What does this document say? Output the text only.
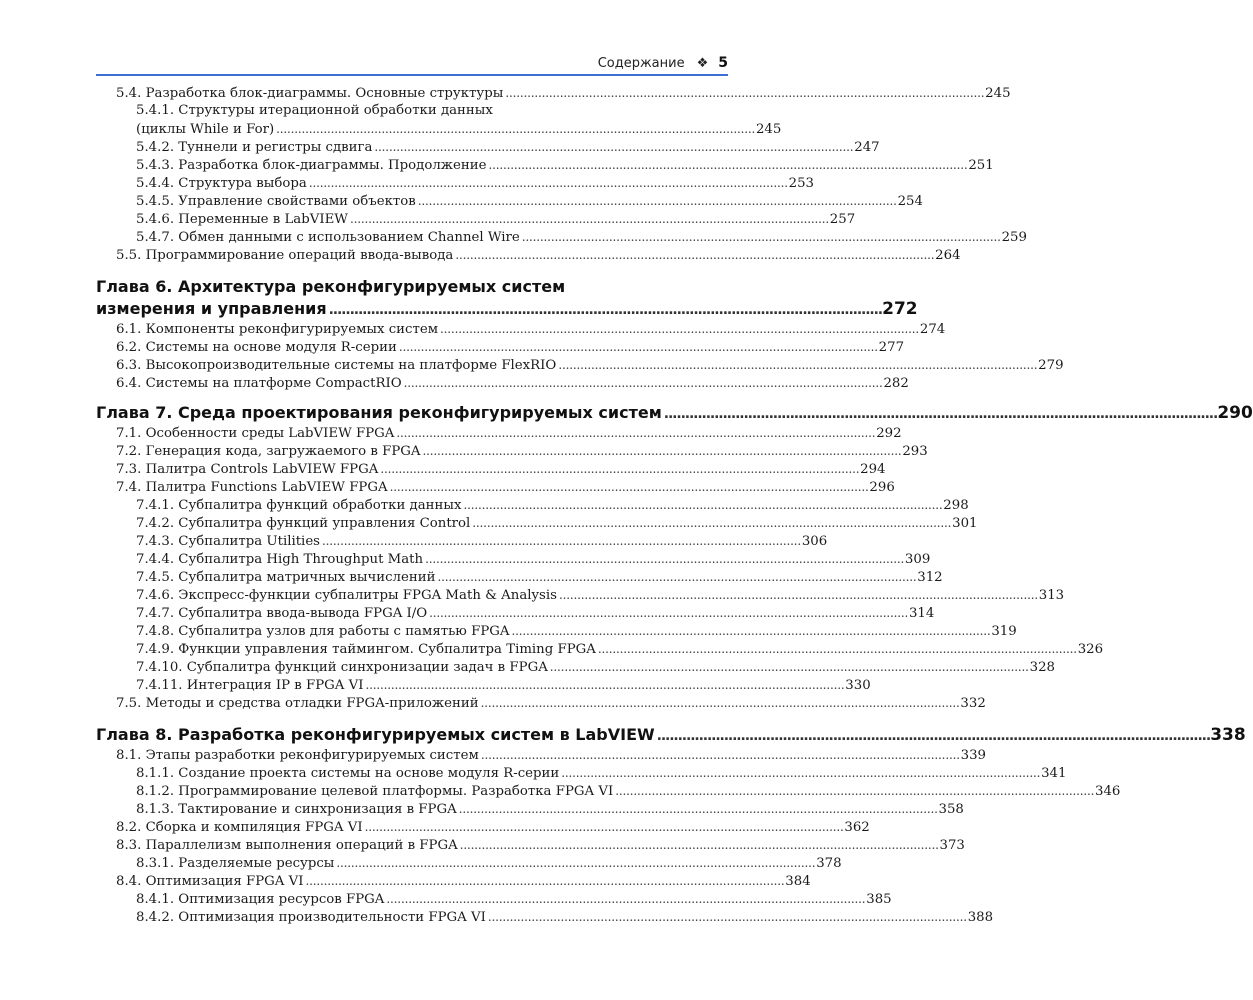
Содержание ❖ 5
5.4. Разработка блок-диаграммы. Основные структуры . . .	245
5.4.1. Структуры итерационной обработки данных
(циклы While и For) . . .	245
5.4.2. Туннели и регистры сдвига . . .	247
5.4.3. Разработка блок-диаграммы. Продолжение . . .	251
5.4.4. Структура выбора . . .	253
5.4.5. Управление свойствами объектов . . .	254
5.4.6. Переменные в LabVIEW . . .	257
5.4.7. Обмен данными с использованием Channel Wire . . .	259
5.5. Программирование операций ввода-вывода . . .	264
Глава 6. Архитектура реконфигурируемых систем
измерения и управления . . .	272
6.1. Компоненты реконфигурируемых систем . . .	274
6.2. Системы на основе модуля R-серии . . .	277
6.3. Высокопроизводительные системы на платформе FlexRIO . . .	279
6.4. Системы на платформе CompactRIO . . .	282
Глава 7. Среда проектирования реконфигурируемых систем . . .	290
7.1. Особенности среды LabVIEW FPGA . . .	292
7.2. Генерация кода, загружаемого в FPGA . . .	293
7.3. Палитра Controls LabVIEW FPGA . . .	294
7.4. Палитра Functions LabVIEW FPGA . . .	296
7.4.1. Субпалитра функций обработки данных . . .	298
7.4.2. Субпалитра функций управления Control . . .	301
7.4.3. Субпалитра Utilities . . .	306
7.4.4. Субпалитра High Throughput Math . . .	309
7.4.5. Субпалитра матричных вычислений . . .	312
7.4.6. Экспресс-функции субпалитры FPGA Math & Analysis . . .	313
7.4.7. Субпалитра ввода-вывода FPGA I/O . . .	314
7.4.8. Субпалитра узлов для работы с памятью FPGA . . .	319
7.4.9. Функции управления таймингом. Субпалитра Timing FPGA . . .	326
7.4.10. Субпалитра функций синхронизации задач в FPGA . . .	328
7.4.11. Интеграция IP в FPGA VI . . .	330
7.5. Методы и средства отладки FPGA-приложений . . .	332
Глава 8. Разработка реконфигурируемых систем в LabVIEW . . .	338
8.1. Этапы разработки реконфигурируемых систем . . .	339
8.1.1. Создание проекта системы на основе модуля R-серии . . .	341
8.1.2. Программирование целевой платформы. Разработка FPGA VI . . .	346
8.1.3. Тактирование и синхронизация в FPGA . . .	358
8.2. Сборка и компиляция FPGA VI . . .	362
8.3. Параллелизм выполнения операций в FPGA . . .	373
8.3.1. Разделяемые ресурсы . . .	378
8.4. Оптимизация FPGA VI . . .	384
8.4.1. Оптимизация ресурсов FPGA . . .	385
8.4.2. Оптимизация производительности FPGA VI . . .	388
